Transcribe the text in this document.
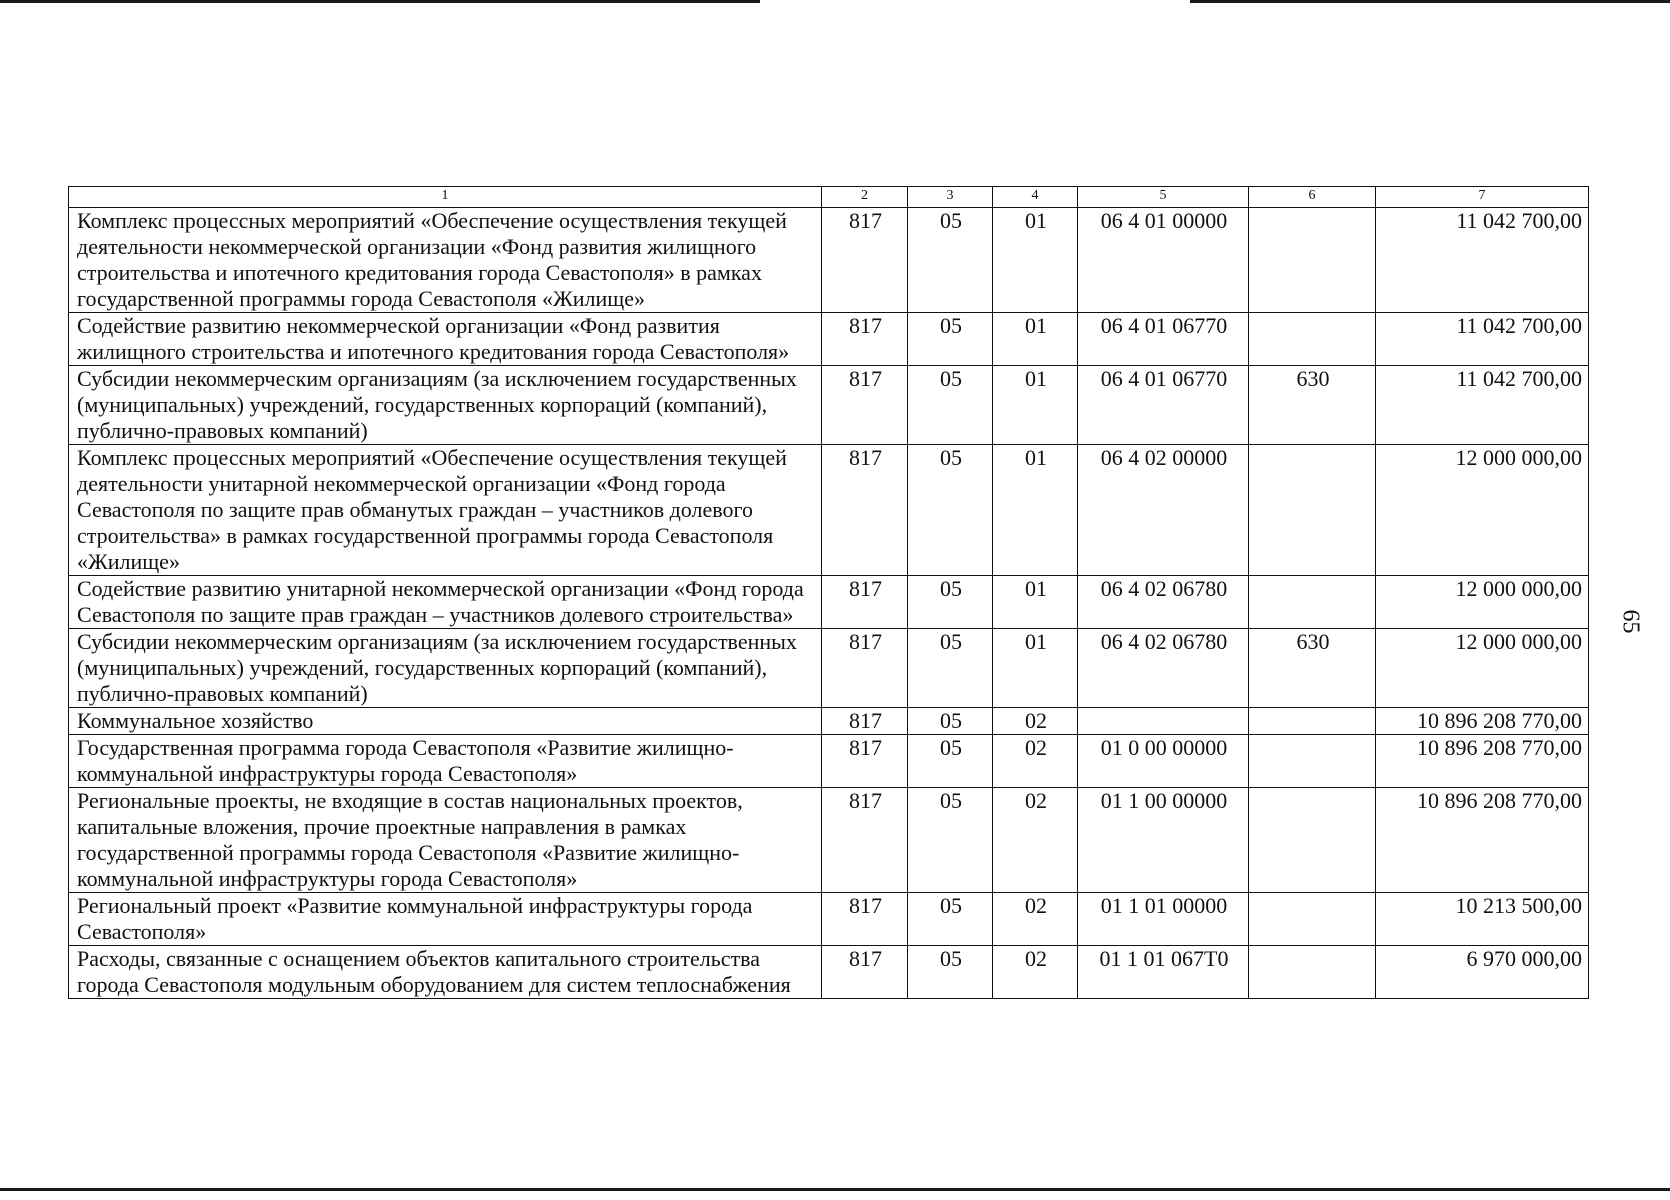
65
1	2	3	4	5	6	7
Комплекс процессных мероприятий «Обеспечение осуществления текущей деятельности некоммерческой организации «Фонд развития жилищного строительства и ипотечного кредитования города Севастополя» в рамках государственной программы города Севастополя «Жилище»	817	05	01	06 4 01 00000		11 042 700,00
Содействие развитию некоммерческой организации «Фонд развития жилищного строительства и ипотечного кредитования города Севастополя»	817	05	01	06 4 01 06770		11 042 700,00
Субсидии некоммерческим организациям (за исключением государственных (муниципальных) учреждений, государственных корпораций (компаний), публично-правовых компаний)	817	05	01	06 4 01 06770	630	11 042 700,00
Комплекс процессных мероприятий «Обеспечение осуществления текущей деятельности унитарной некоммерческой организации «Фонд города Севастополя по защите прав обманутых граждан – участников долевого строительства» в рамках государственной программы города Севастополя «Жилище»	817	05	01	06 4 02 00000		12 000 000,00
Содействие развитию унитарной некоммерческой организации «Фонд города Севастополя по защите прав граждан – участников долевого строительства»	817	05	01	06 4 02 06780		12 000 000,00
Субсидии некоммерческим организациям (за исключением государственных (муниципальных) учреждений, государственных корпораций (компаний), публично-правовых компаний)	817	05	01	06 4 02 06780	630	12 000 000,00
Коммунальное хозяйство	817	05	02			10 896 208 770,00
Государственная программа города Севастополя «Развитие жилищно-коммунальной инфраструктуры города Севастополя»	817	05	02	01 0 00 00000		10 896 208 770,00
Региональные проекты, не входящие в состав национальных проектов, капитальные вложения, прочие проектные направления в рамках государственной программы города Севастополя «Развитие жилищно-коммунальной инфраструктуры города Севастополя»	817	05	02	01 1 00 00000		10 896 208 770,00
Региональный проект «Развитие коммунальной инфраструктуры города Севастополя»	817	05	02	01 1 01 00000		10 213 500,00
Расходы, связанные с оснащением объектов капитального строительства города Севастополя модульным оборудованием для систем теплоснабжения	817	05	02	01 1 01 067Т0		6 970 000,00
